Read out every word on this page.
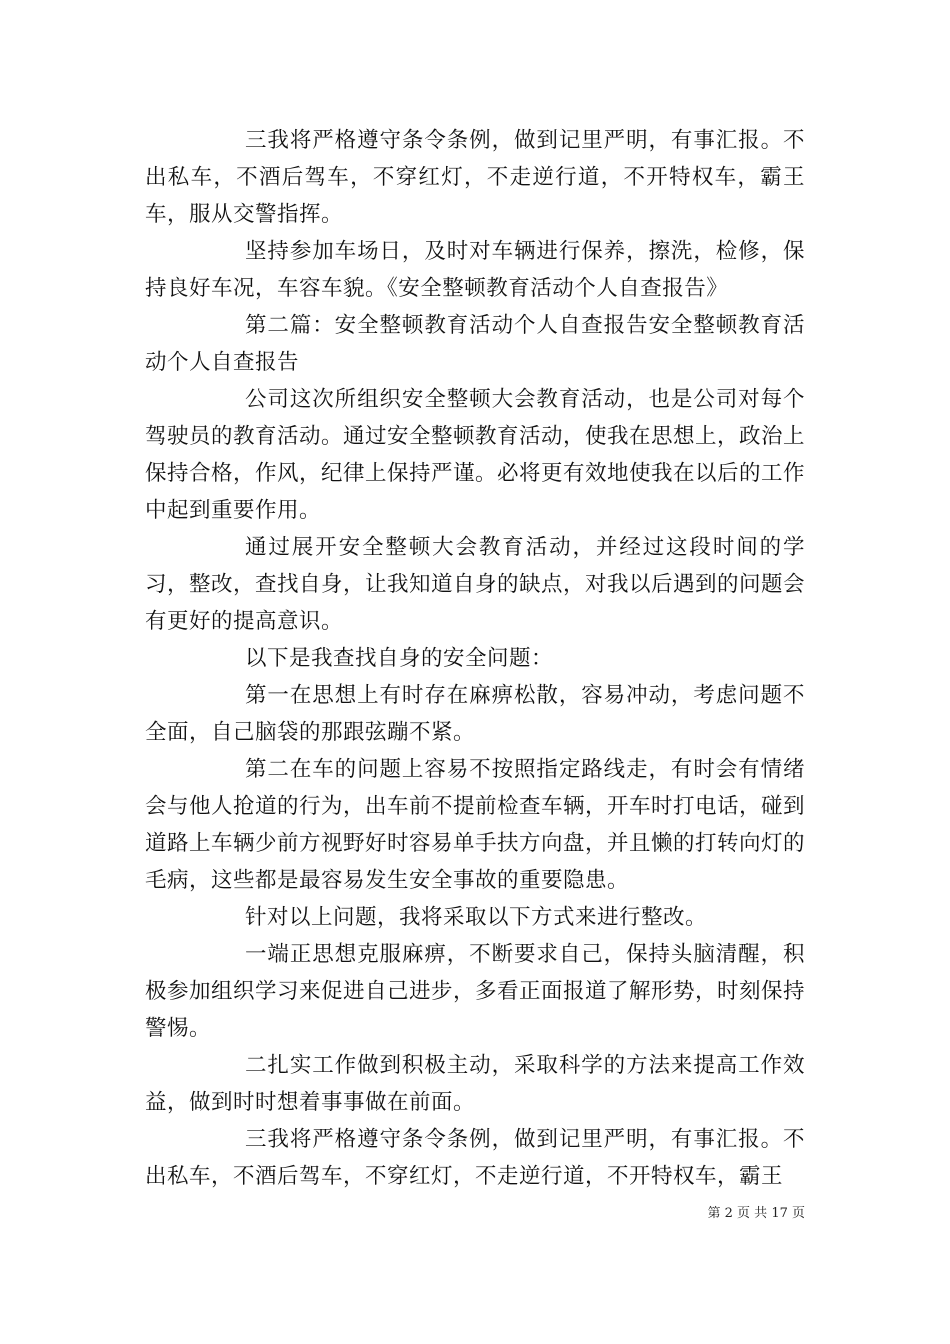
三我将严格遵守条令条例，做到记里严明，有事汇报。不出私车，不酒后驾车，不穿红灯，不走逆行道，不开特权车，霸王车，服从交警指挥。

坚持参加车场日，及时对车辆进行保养，擦洗，检修，保持良好车况，车容车貌。《安全整顿教育活动个人自查报告》

第二篇：安全整顿教育活动个人自查报告安全整顿教育活动个人自查报告

公司这次所组织安全整顿大会教育活动，也是公司对每个驾驶员的教育活动。通过安全整顿教育活动，使我在思想上，政治上保持合格，作风，纪律上保持严谨。必将更有效地使我在以后的工作中起到重要作用。

通过展开安全整顿大会教育活动，并经过这段时间的学习，整改，查找自身，让我知道自身的缺点，对我以后遇到的问题会有更好的提高意识。

以下是我查找自身的安全问题：

第一在思想上有时存在麻痹松散，容易冲动，考虑问题不全面，自己脑袋的那跟弦蹦不紧。

第二在车的问题上容易不按照指定路线走，有时会有情绪会与他人抢道的行为，出车前不提前检查车辆，开车时打电话，碰到道路上车辆少前方视野好时容易单手扶方向盘，并且懒的打转向灯的毛病，这些都是最容易发生安全事故的重要隐患。

针对以上问题，我将采取以下方式来进行整改。

一端正思想克服麻痹，不断要求自己，保持头脑清醒，积极参加组织学习来促进自己进步，多看正面报道了解形势，时刻保持警惕。

二扎实工作做到积极主动，采取科学的方法来提高工作效益，做到时时想着事事做在前面。

三我将严格遵守条令条例，做到记里严明，有事汇报。不出私车，不酒后驾车，不穿红灯，不走逆行道，不开特权车，霸王

第 2 页 共 17 页
